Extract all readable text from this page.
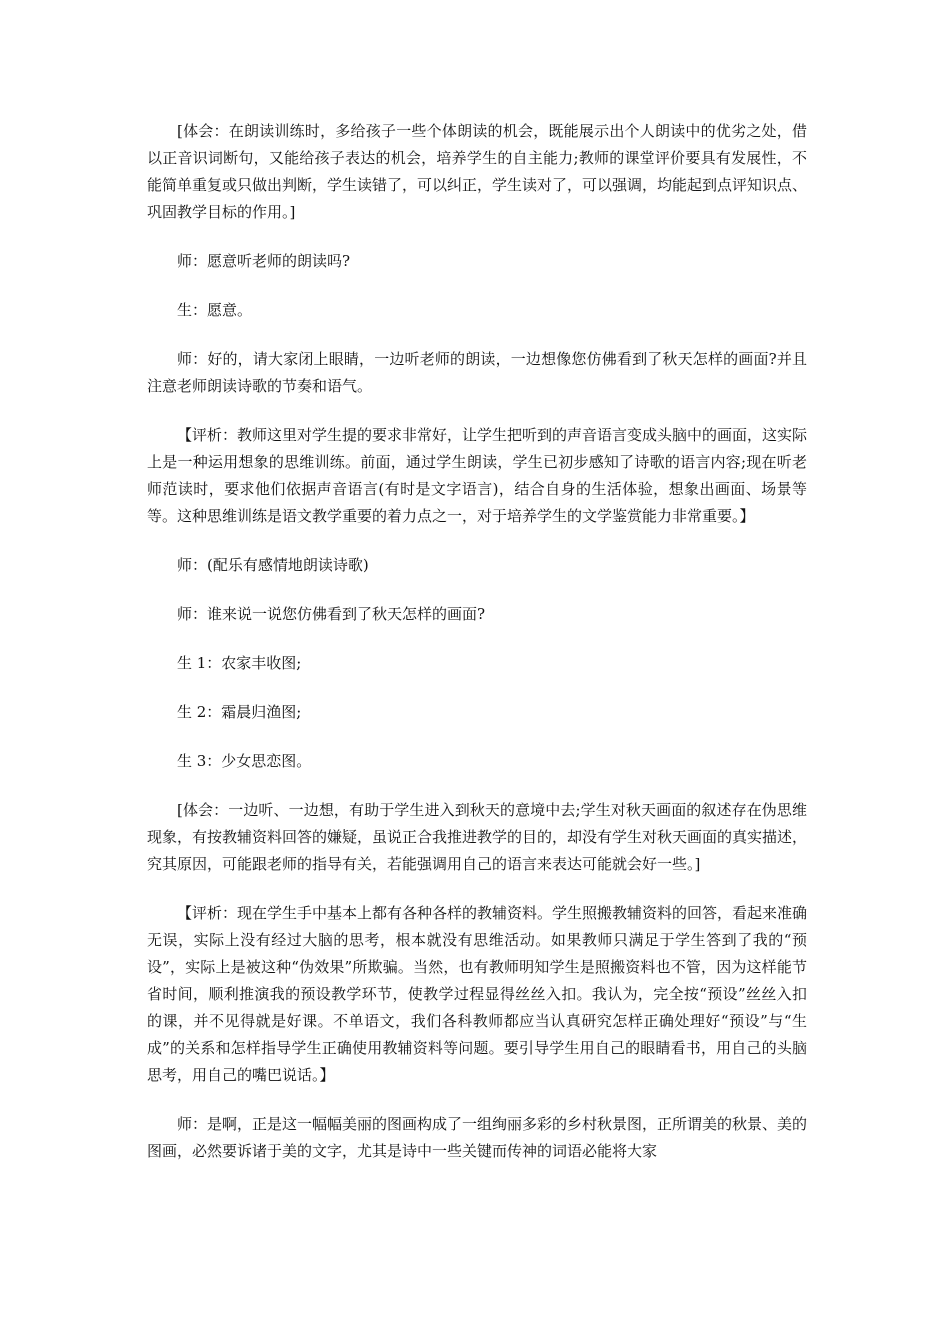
[体会：在朗读训练时，多给孩子一些个体朗读的机会，既能展示出个人朗读中的优劣之处，借以正音识词断句，又能给孩子表达的机会，培养学生的自主能力;教师的课堂评价要具有发展性，不能简单重复或只做出判断，学生读错了，可以纠正，学生读对了，可以强调，均能起到点评知识点、巩固教学目标的作用。]

师：愿意听老师的朗读吗?

生：愿意。

师：好的，请大家闭上眼睛，一边听老师的朗读，一边想像您仿佛看到了秋天怎样的画面?并且注意老师朗读诗歌的节奏和语气。

【评析：教师这里对学生提的要求非常好，让学生把听到的声音语言变成头脑中的画面，这实际上是一种运用想象的思维训练。前面，通过学生朗读，学生已初步感知了诗歌的语言内容;现在听老师范读时，要求他们依据声音语言(有时是文字语言)，结合自身的生活体验，想象出画面、场景等等。这种思维训练是语文教学重要的着力点之一，对于培养学生的文学鉴赏能力非常重要。】

师：(配乐有感情地朗读诗歌)

师：谁来说一说您仿佛看到了秋天怎样的画面?

生 1：农家丰收图;

生 2：霜晨归渔图;

生 3：少女思恋图。

[体会：一边听、一边想，有助于学生进入到秋天的意境中去;学生对秋天画面的叙述存在伪思维现象，有按教辅资料回答的嫌疑，虽说正合我推进教学的目的，却没有学生对秋天画面的真实描述，究其原因，可能跟老师的指导有关，若能强调用自己的语言来表达可能就会好一些。]

【评析：现在学生手中基本上都有各种各样的教辅资料。学生照搬教辅资料的回答，看起来准确无误，实际上没有经过大脑的思考，根本就没有思维活动。如果教师只满足于学生答到了我的“预设”，实际上是被这种“伪效果”所欺骗。当然，也有教师明知学生是照搬资料也不管，因为这样能节省时间，顺利推演我的预设教学环节，使教学过程显得丝丝入扣。我认为，完全按“预设”丝丝入扣的课，并不见得就是好课。不单语文，我们各科教师都应当认真研究怎样正确处理好“预设”与“生成”的关系和怎样指导学生正确使用教辅资料等问题。要引导学生用自己的眼睛看书，用自己的头脑思考，用自己的嘴巴说话。】

师：是啊，正是这一幅幅美丽的图画构成了一组绚丽多彩的乡村秋景图，正所谓美的秋景、美的图画，必然要诉诸于美的文字，尤其是诗中一些关键而传神的词语必能将大家
